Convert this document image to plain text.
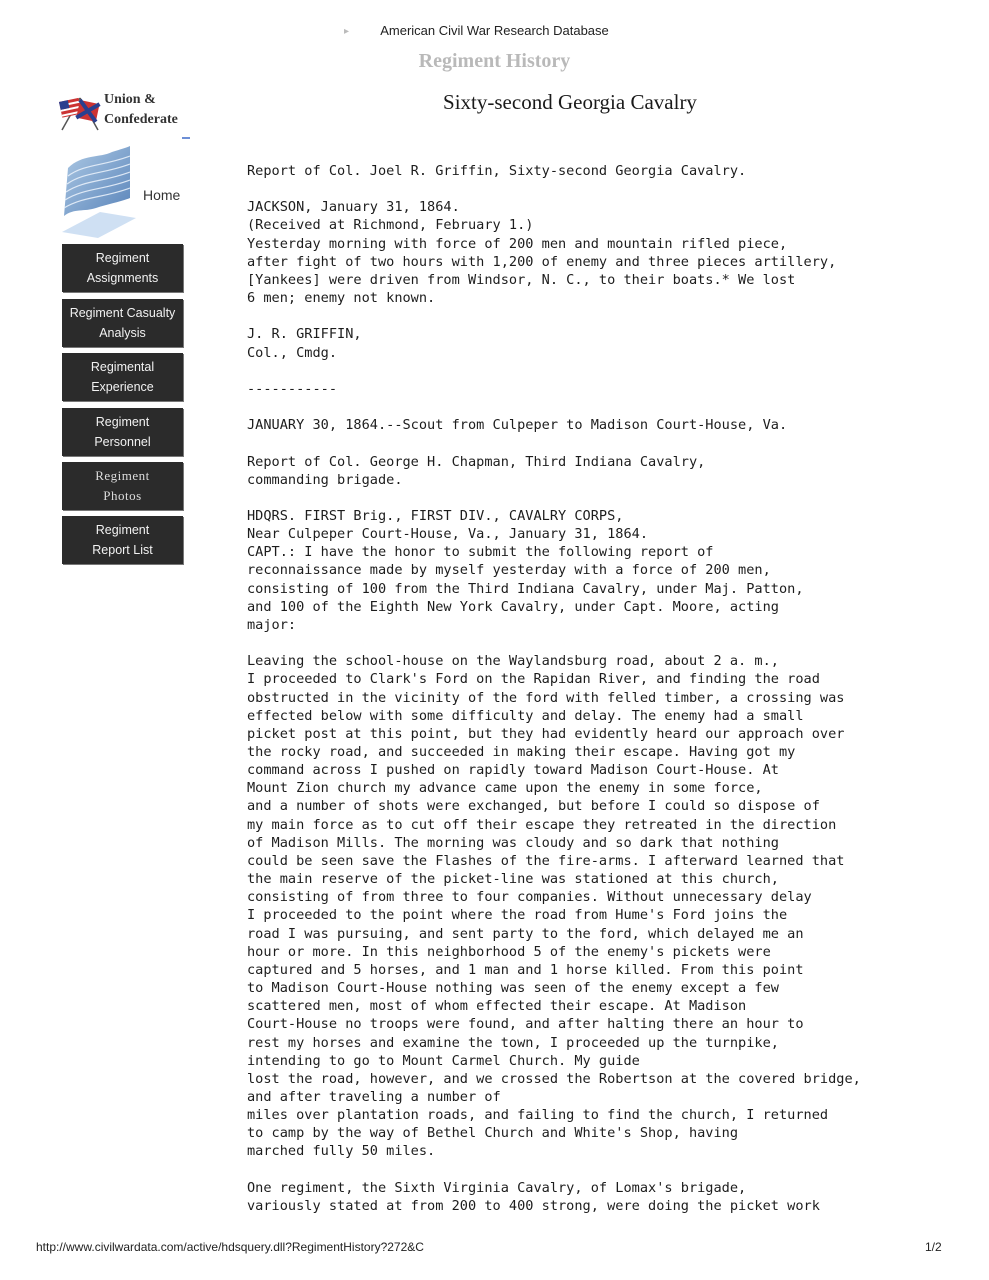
American Civil War Research Database
▸
Regiment History
Sixty-second Georgia Cavalry
Union &
Confederate
Home
Regiment
Assignments
Regiment Casualty
Analysis
Regimental
Experience
Regiment
Personnel
Regiment
Photos
Regiment
Report List
Report of Col. Joel R. Griffin, Sixty-second Georgia Cavalry.

JACKSON, January 31, 1864.
(Received at Richmond, February 1.)
Yesterday morning with force of 200 men and mountain rifled piece,
after fight of two hours with 1,200 of enemy and three pieces artillery,
[Yankees] were driven from Windsor, N. C., to their boats.* We lost
6 men; enemy not known.

J. R. GRIFFIN,
Col., Cmdg.

-----------

JANUARY 30, 1864.--Scout from Culpeper to Madison Court-House, Va.

Report of Col. George H. Chapman, Third Indiana Cavalry,
commanding brigade.

HDQRS. FIRST Brig., FIRST DIV., CAVALRY CORPS,
Near Culpeper Court-House, Va., January 31, 1864.
CAPT.: I have the honor to submit the following report of
reconnaissance made by myself yesterday with a force of 200 men,
consisting of 100 from the Third Indiana Cavalry, under Maj. Patton,
and 100 of the Eighth New York Cavalry, under Capt. Moore, acting
major:

Leaving the school-house on the Waylandsburg road, about 2 a. m.,
I proceeded to Clark's Ford on the Rapidan River, and finding the road
obstructed in the vicinity of the ford with felled timber, a crossing was
effected below with some difficulty and delay. The enemy had a small
picket post at this point, but they had evidently heard our approach over
the rocky road, and succeeded in making their escape. Having got my
command across I pushed on rapidly toward Madison Court-House. At
Mount Zion church my advance came upon the enemy in some force,
and a number of shots were exchanged, but before I could so dispose of
my main force as to cut off their escape they retreated in the direction
of Madison Mills. The morning was cloudy and so dark that nothing
could be seen save the Flashes of the fire-arms. I afterward learned that
the main reserve of the picket-line was stationed at this church,
consisting of from three to four companies. Without unnecessary delay
I proceeded to the point where the road from Hume's Ford joins the
road I was pursuing, and sent party to the ford, which delayed me an
hour or more. In this neighborhood 5 of the enemy's pickets were
captured and 5 horses, and 1 man and 1 horse killed. From this point
to Madison Court-House nothing was seen of the enemy except a few
scattered men, most of whom effected their escape. At Madison
Court-House no troops were found, and after halting there an hour to
rest my horses and examine the town, I proceeded up the turnpike,
intending to go to Mount Carmel Church. My guide
lost the road, however, and we crossed the Robertson at the covered bridge,
and after traveling a number of
miles over plantation roads, and failing to find the church, I returned
to camp by the way of Bethel Church and White's Shop, having
marched fully 50 miles.

One regiment, the Sixth Virginia Cavalry, of Lomax's brigade,
variously stated at from 200 to 400 strong, were doing the picket work
http://www.civilwardata.com/active/hdsquery.dll?RegimentHistory?272&C	1/2
